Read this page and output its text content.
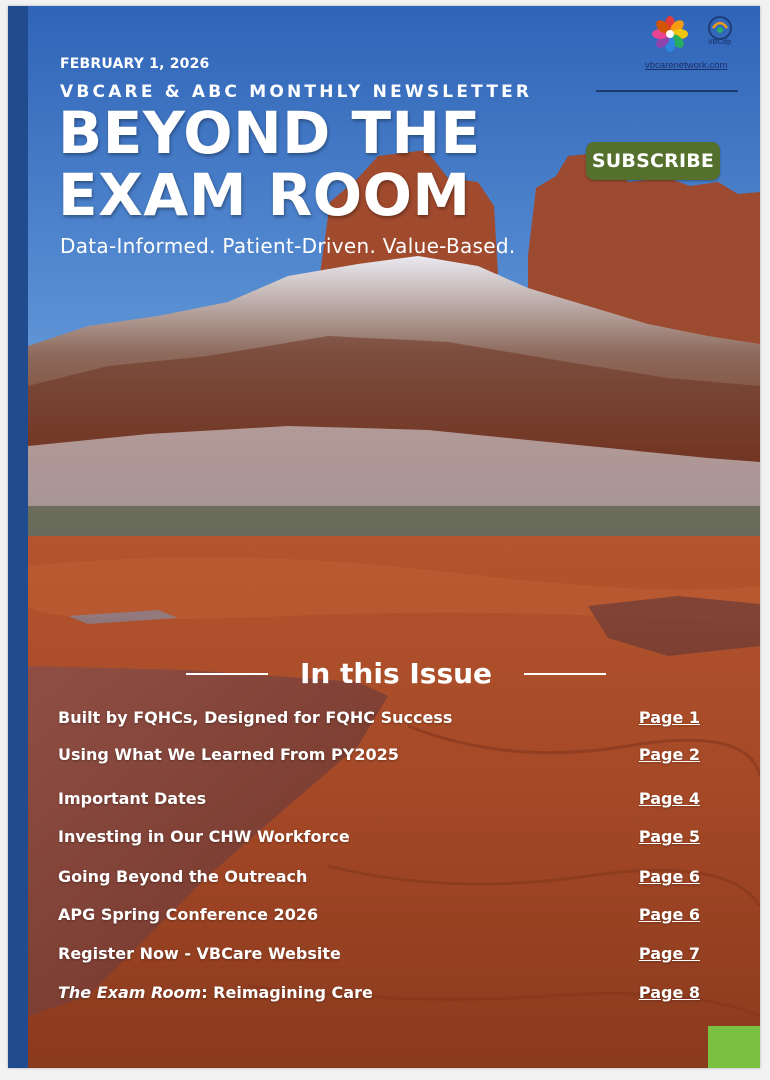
FEBRUARY 1, 2026
VBCARE & ABC MONTHLY NEWSLETTER
BEYOND THE
EXAM ROOM
Data-Informed. Patient-Driven. Value-Based.
SUBSCRIBE
VBCdp
vbcarenetwork.com
In this Issue
Built by FQHCs, Designed for FQHC Success	Page 1
Using What We Learned From PY2025	Page 2
Important Dates	Page 4
Investing in Our CHW Workforce	Page 5
Going Beyond the Outreach	Page 6
APG Spring Conference 2026	Page 6
Register Now - VBCare Website	Page 7
The Exam Room: Reimagining Care	Page 8
